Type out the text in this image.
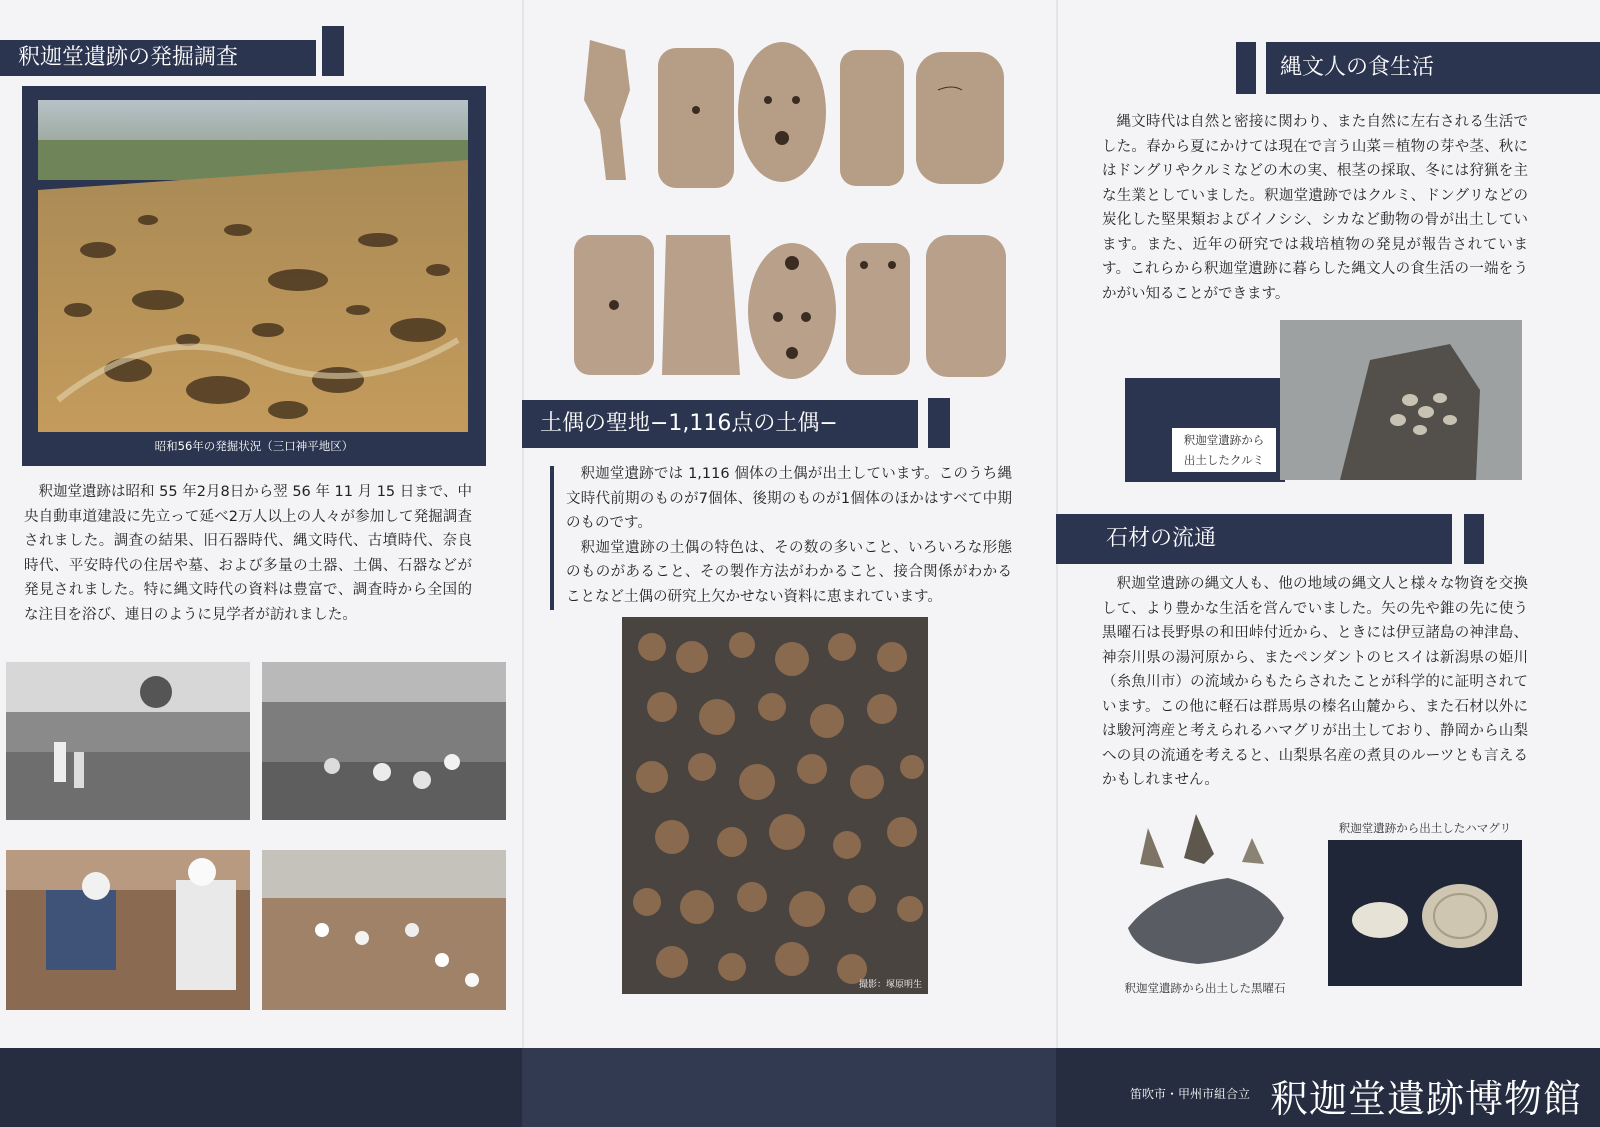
釈迦堂遺跡の発掘調査
昭和56年の発掘状況（三口神平地区）

釈迦堂遺跡は昭和 55 年2月8日から翌 56 年 11 月 15 日まで、中央自動車道建設に先立って延べ2万人以上の人々が参加して発掘調査されました。調査の結果、旧石器時代、縄文時代、古墳時代、奈良時代、平安時代の住居や墓、および多量の土器、土偶、石器などが発見されました。特に縄文時代の資料は豊富で、調査時から全国的な注目を浴び、連日のように見学者が訪れました。

土偶の聖地−1,116点の土偶−

釈迦堂遺跡では 1,116 個体の土偶が出土しています。このうち縄文時代前期のものが7個体、後期のものが1個体のほかはすべて中期のものです。

釈迦堂遺跡の土偶の特色は、その数の多いこと、いろいろな形態のものがあること、その製作方法がわかること、接合関係がわかることなど土偶の研究上欠かせない資料に恵まれています。

撮影：塚原明生
縄文人の食生活

縄文時代は自然と密接に関わり、また自然に左右される生活でした。春から夏にかけては現在で言う山菜＝植物の芽や茎、秋にはドングリやクルミなどの木の実、根茎の採取、冬には狩猟を主な生業としていました。釈迦堂遺跡ではクルミ、ドングリなどの炭化した堅果類およびイノシシ、シカなど動物の骨が出土しています。また、近年の研究では栽培植物の発見が報告されています。これらから釈迦堂遺跡に暮らした縄文人の食生活の一端をうかがい知ることができます。

釈迦堂遺跡から
出土したクルミ
石材の流通

釈迦堂遺跡の縄文人も、他の地域の縄文人と様々な物資を交換して、より豊かな生活を営んでいました。矢の先や錐の先に使う黒曜石は長野県の和田峠付近から、ときには伊豆諸島の神津島、神奈川県の湯河原から、またペンダントのヒスイは新潟県の姫川（糸魚川市）の流域からもたらされたことが科学的に証明されています。この他に軽石は群馬県の榛名山麓から、また石材以外には駿河湾産と考えられるハマグリが出土しており、静岡から山梨への貝の流通を考えると、山梨県名産の煮貝のルーツとも言えるかもしれません。

釈迦堂遺跡から出土した黒曜石
釈迦堂遺跡から出土したハマグリ
笛吹市・甲州市組合立 釈迦堂遺跡博物館
